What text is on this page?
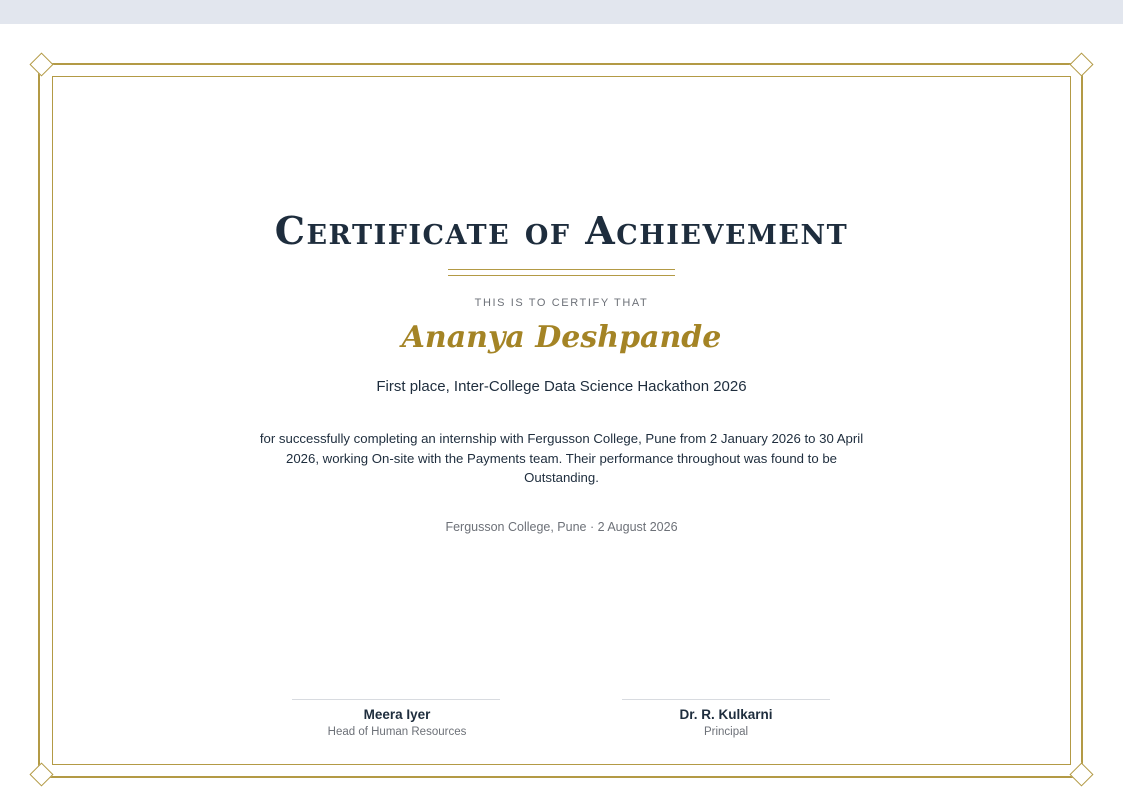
Certificate of Achievement
THIS IS TO CERTIFY THAT
Ananya Deshpande
First place, Inter-College Data Science Hackathon 2026
for successfully completing an internship with Fergusson College, Pune from 2 January 2026 to 30 April 2026, working On-site with the Payments team. Their performance throughout was found to be Outstanding.
Fergusson College, Pune · 2 August 2026
Meera Iyer
Head of Human Resources
Dr. R. Kulkarni
Principal
